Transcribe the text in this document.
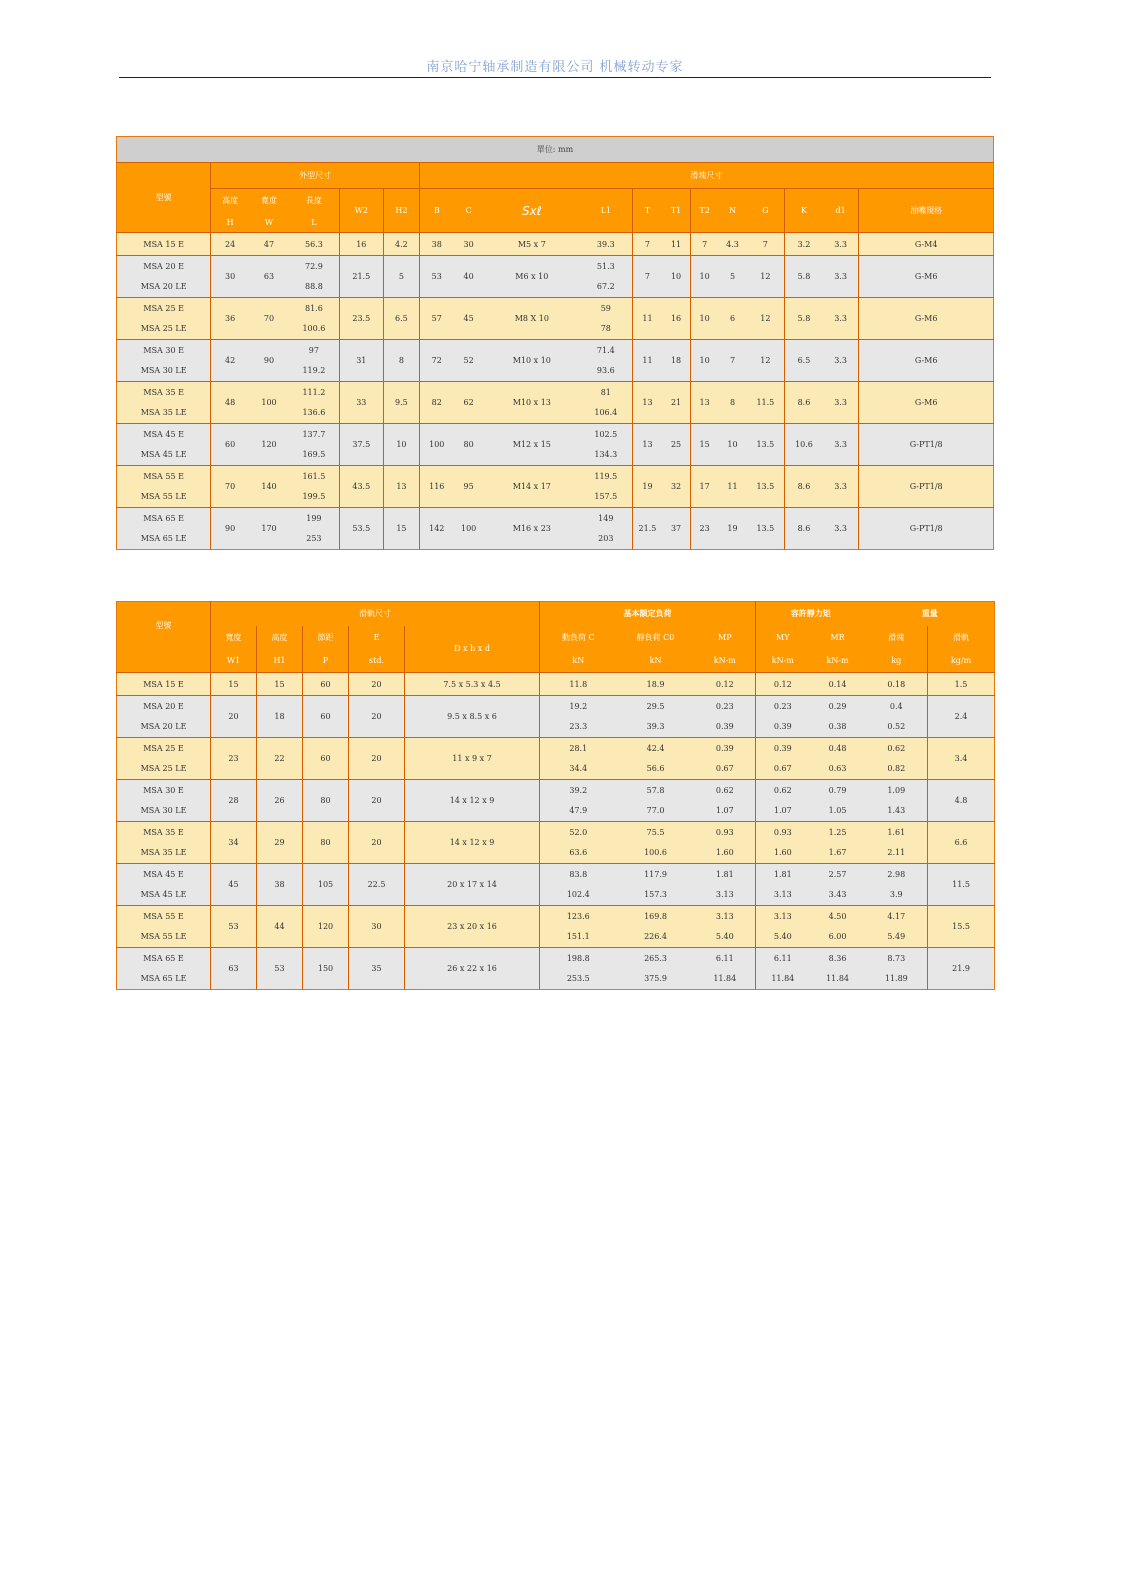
南京哈宁轴承制造有限公司 机械转动专家
單位: mm																	
型號	外型尺寸					滑塊尺寸											
	高度	寬度	長度	W2	H2	B	C	Sxℓ	L1	T	T1	T2	N	G	K	d1	油嘴規格
	H	W	L														
MSA 15 E	24	47	56.3	16	4.2	38	30	M5 x 7	39.3	7	11	7	4.3	7	3.2	3.3	G-M4
MSA 20 E	30	63	72.9	21.5	5	53	40	M6 x 10	51.3	7	10	10	5	12	5.8	3.3	G-M6
MSA 20 LE			88.8						67.2								
MSA 25 E	36	70	81.6	23.5	6.5	57	45	M8 X 10	59	11	16	10	6	12	5.8	3.3	G-M6
MSA 25 LE			100.6						78								
MSA 30 E	42	90	97	31	8	72	52	M10 x 10	71.4	11	18	10	7	12	6.5	3.3	G-M6
MSA 30 LE			119.2						93.6								
MSA 35 E	48	100	111.2	33	9.5	82	62	M10 x 13	81	13	21	13	8	11.5	8.6	3.3	G-M6
MSA 35 LE			136.6						106.4								
MSA 45 E	60	120	137.7	37.5	10	100	80	M12 x 15	102.5	13	25	15	10	13.5	10.6	3.3	G-PT1/8
MSA 45 LE			169.5						134.3								
MSA 55 E	70	140	161.5	43.5	13	116	95	M14 x 17	119.5	19	32	17	11	13.5	8.6	3.3	G-PT1/8
MSA 55 LE			199.5						157.5								
MSA 65 E	90	170	199	53.5	15	142	100	M16 x 23	149	21.5	37	23	19	13.5	8.6	3.3	G-PT1/8
MSA 65 LE			253						203								
型號	滑軌尺寸					基本額定負荷			容許靜力矩		重量	
	寬度	高度	節距	E	D x h x d	動負荷 C	靜負荷 C0	MP	MY	MR	滑塊	滑軌
	W1	H1	P	std.		kN	kN	kN-m	kN-m	kN-m	kg	kg/m
MSA 15 E	15	15	60	20	7.5 x 5.3 x 4.5	11.8	18.9	0.12	0.12	0.14	0.18	1.5
MSA 20 E	20	18	60	20	9.5 x 8.5 x 6	19.2	29.5	0.23	0.23	0.29	0.4	2.4
MSA 20 LE						23.3	39.3	0.39	0.39	0.38	0.52	
MSA 25 E	23	22	60	20	11 x 9 x 7	28.1	42.4	0.39	0.39	0.48	0.62	3.4
MSA 25 LE						34.4	56.6	0.67	0.67	0.63	0.82	
MSA 30 E	28	26	80	20	14 x 12 x 9	39.2	57.8	0.62	0.62	0.79	1.09	4.8
MSA 30 LE						47.9	77.0	1.07	1.07	1.05	1.43	
MSA 35 E	34	29	80	20	14 x 12 x 9	52.0	75.5	0.93	0.93	1.25	1.61	6.6
MSA 35 LE						63.6	100.6	1.60	1.60	1.67	2.11	
MSA 45 E	45	38	105	22.5	20 x 17 x 14	83.8	117.9	1.81	1.81	2.57	2.98	11.5
MSA 45 LE						102.4	157.3	3.13	3.13	3.43	3.9	
MSA 55 E	53	44	120	30	23 x 20 x 16	123.6	169.8	3.13	3.13	4.50	4.17	15.5
MSA 55 LE						151.1	226.4	5.40	5.40	6.00	5.49	
MSA 65 E	63	53	150	35	26 x 22 x 16	198.8	265.3	6.11	6.11	8.36	8.73	21.9
MSA 65 LE						253.5	375.9	11.84	11.84	11.84	11.89	
